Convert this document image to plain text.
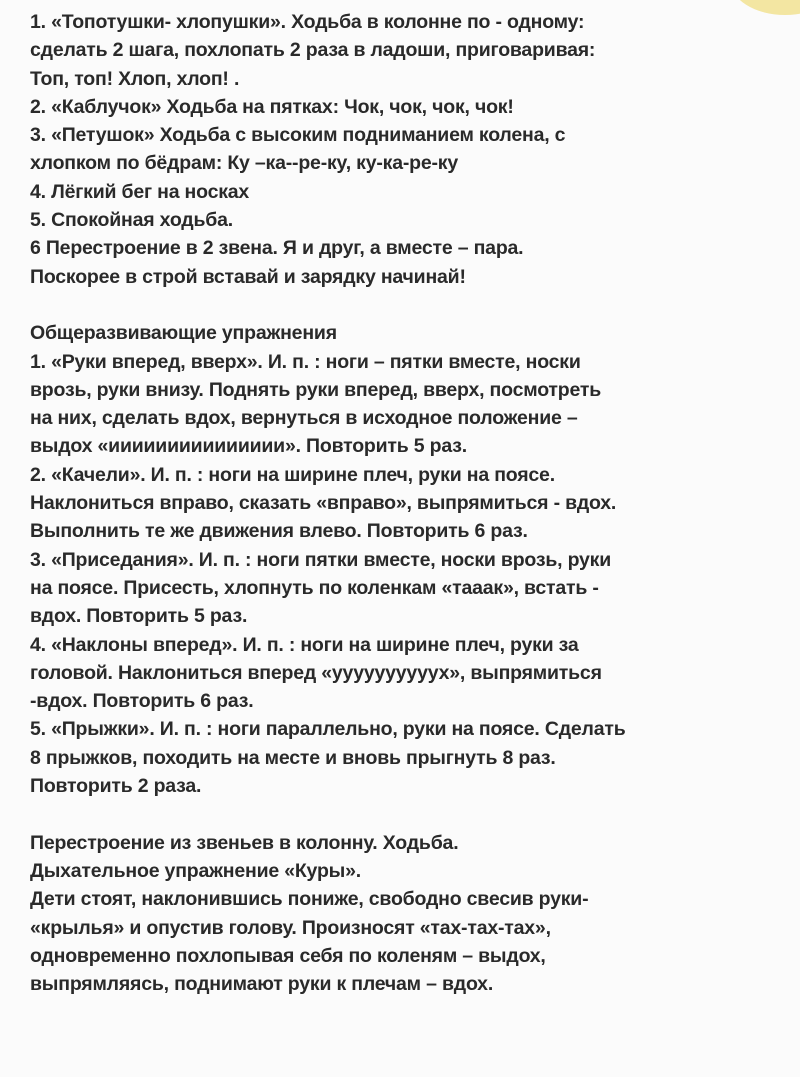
1. «Топотушки- хлопушки». Ходьба в колонне по - одному:
сделать 2 шага, похлопать 2 раза в ладоши, приговаривая:
Топ, топ! Хлоп, хлоп! .
2. «Каблучок» Ходьба на пятках: Чок, чок, чок, чок!
3. «Петушок» Ходьба с высоким подниманием колена, с
хлопком по бёдрам: Ку –ка--ре-ку, ку-ка-ре-ку
4. Лёгкий бег на носках
5. Спокойная ходьба.
6 Перестроение в 2 звена. Я и друг, а вместе – пара.
Поскорее в строй вставай и зарядку начинай!
Общеразвивающие упражнения
1. «Руки вперед, вверх». И. п. : ноги – пятки вместе, носки
врозь, руки внизу. Поднять руки вперед, вверх, посмотреть
на них, сделать вдох, вернуться в исходное положение –
выдох «иииииииииииииии». Повторить 5 раз.
2. «Качели». И. п. : ноги на ширине плеч, руки на поясе.
Наклониться вправо, сказать «вправо», выпрямиться - вдох.
Выполнить те же движения влево. Повторить 6 раз.
3. «Приседания». И. п. : ноги пятки вместе, носки врозь, руки
на поясе. Присесть, хлопнуть по коленкам «тааак», встать -
вдох. Повторить 5 раз.
4. «Наклоны вперед». И. п. : ноги на ширине плеч, руки за
головой. Наклониться вперед «уууууууууух», выпрямиться
-вдох. Повторить 6 раз.
5. «Прыжки». И. п. : ноги параллельно, руки на поясе. Сделать
8 прыжков, походить на месте и вновь прыгнуть 8 раз.
Повторить 2 раза.
Перестроение из звеньев в колонну. Ходьба.
Дыхательное упражнение «Куры».
Дети стоят, наклонившись пониже, свободно свесив руки-
«крылья» и опустив голову. Произносят «тах-тах-тах»,
одновременно похлопывая себя по коленям – выдох,
выпрямляясь, поднимают руки к плечам – вдох.
